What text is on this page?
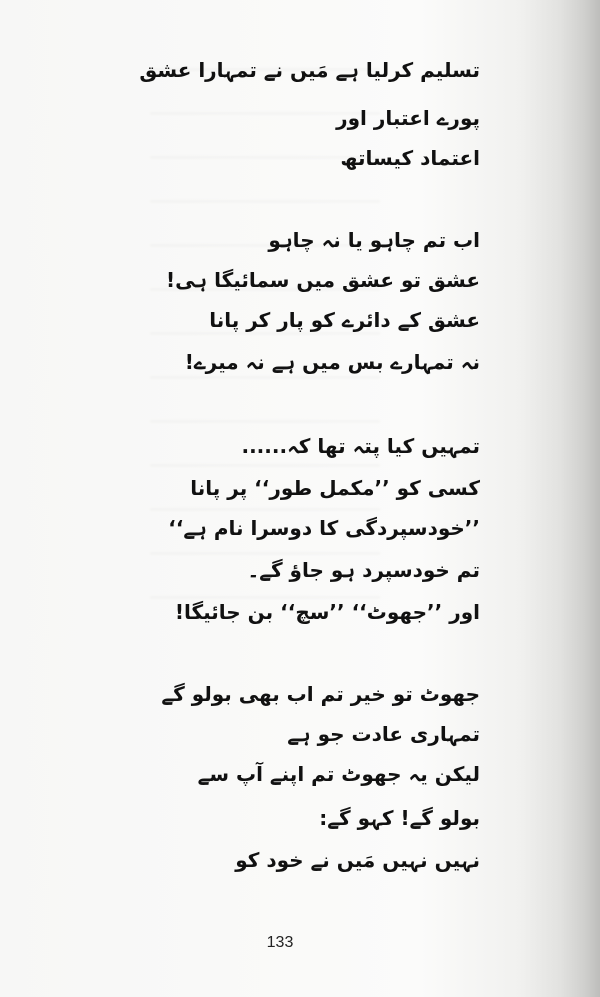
تسلیم کرلیا ہے مَیں نے تمہارا عشق
پورے اعتبار اور
اعتماد کیساتھ
اب تم چاہو یا نہ چاہو
عشق تو عشق میں سمائیگا ہی!
عشق کے دائرے کو پار کر پانا
نہ تمہارے بس میں ہے نہ میرے!
تمہیں کیا پتہ تھا کہ......
کسی کو ’’مکمل طور‘‘ پر پانا
’’خودسپردگی کا دوسرا نام ہے‘‘
تم خودسپرد ہو جاؤ گے۔
اور ’’جھوٹ‘‘ ’’سچ‘‘ بن جائیگا!
جھوٹ تو خیر تم اب بھی بولو گے
تمہاری عادت جو ہے
لیکن یہ جھوٹ تم اپنے آپ سے
بولو گے! کہو گے:
نہیں نہیں مَیں نے خود کو
133
